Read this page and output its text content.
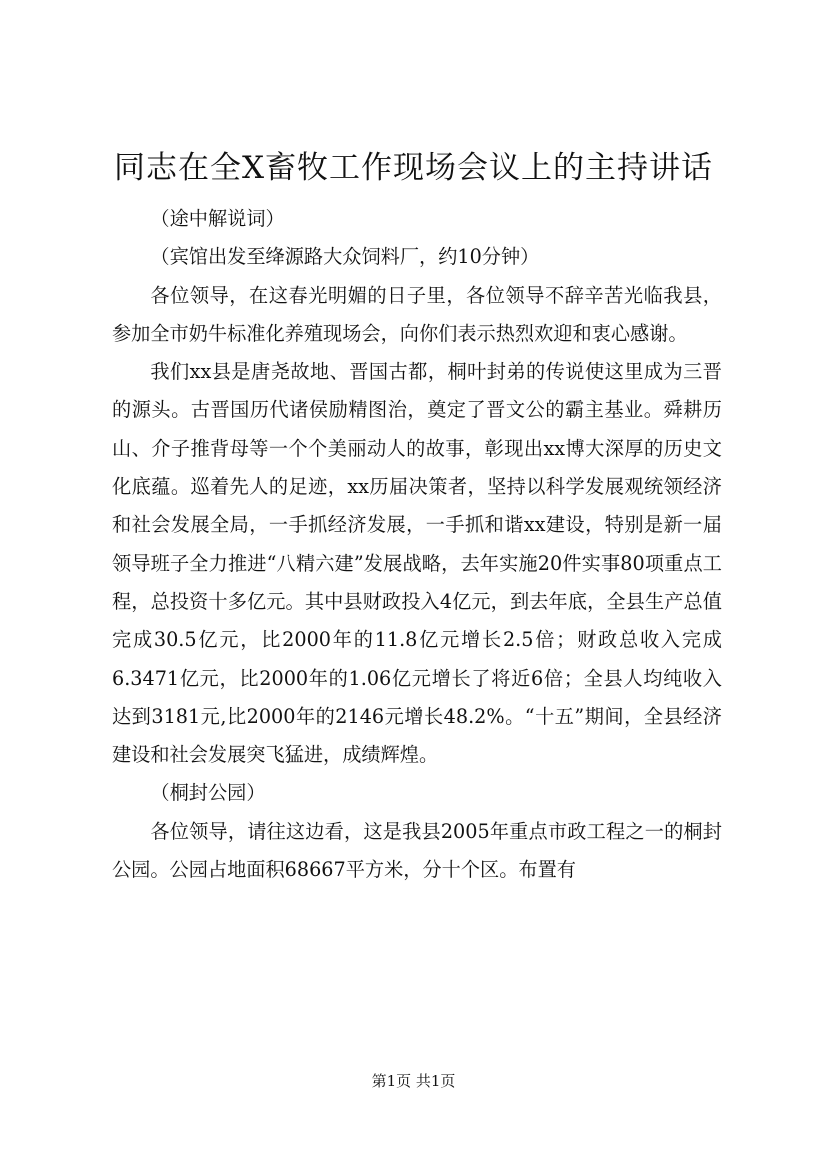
同志在全X畜牧工作现场会议上的主持讲话

（途中解说词）

（宾馆出发至绛源路大众饲料厂，约10分钟）

各位领导，在这春光明媚的日子里，各位领导不辞辛苦光临我县，参加全市奶牛标准化养殖现场会，向你们表示热烈欢迎和衷心感谢。

我们xx县是唐尧故地、晋国古都，桐叶封弟的传说使这里成为三晋的源头。古晋国历代诸侯励精图治，奠定了晋文公的霸主基业。舜耕历山、介子推背母等一个个美丽动人的故事，彰现出xx博大深厚的历史文化底蕴。巡着先人的足迹，xx历届决策者，坚持以科学发展观统领经济和社会发展全局，一手抓经济发展，一手抓和谐xx建设，特别是新一届领导班子全力推进“八精六建”发展战略，去年实施20件实事80项重点工程，总投资十多亿元。其中县财政投入4亿元，到去年底，全县生产总值完成30.5亿元，比2000年的11.8亿元增长2.5倍；财政总收入完成6.3471亿元，比2000年的1.06亿元增长了将近6倍；全县人均纯收入达到3181元,比2000年的2146元增长48.2%。“十五”期间，全县经济建设和社会发展突飞猛进，成绩辉煌。

（桐封公园）

各位领导，请往这边看，这是我县2005年重点市政工程之一的桐封公园。公园占地面积68667平方米，分十个区。布置有

第1页 共1页
